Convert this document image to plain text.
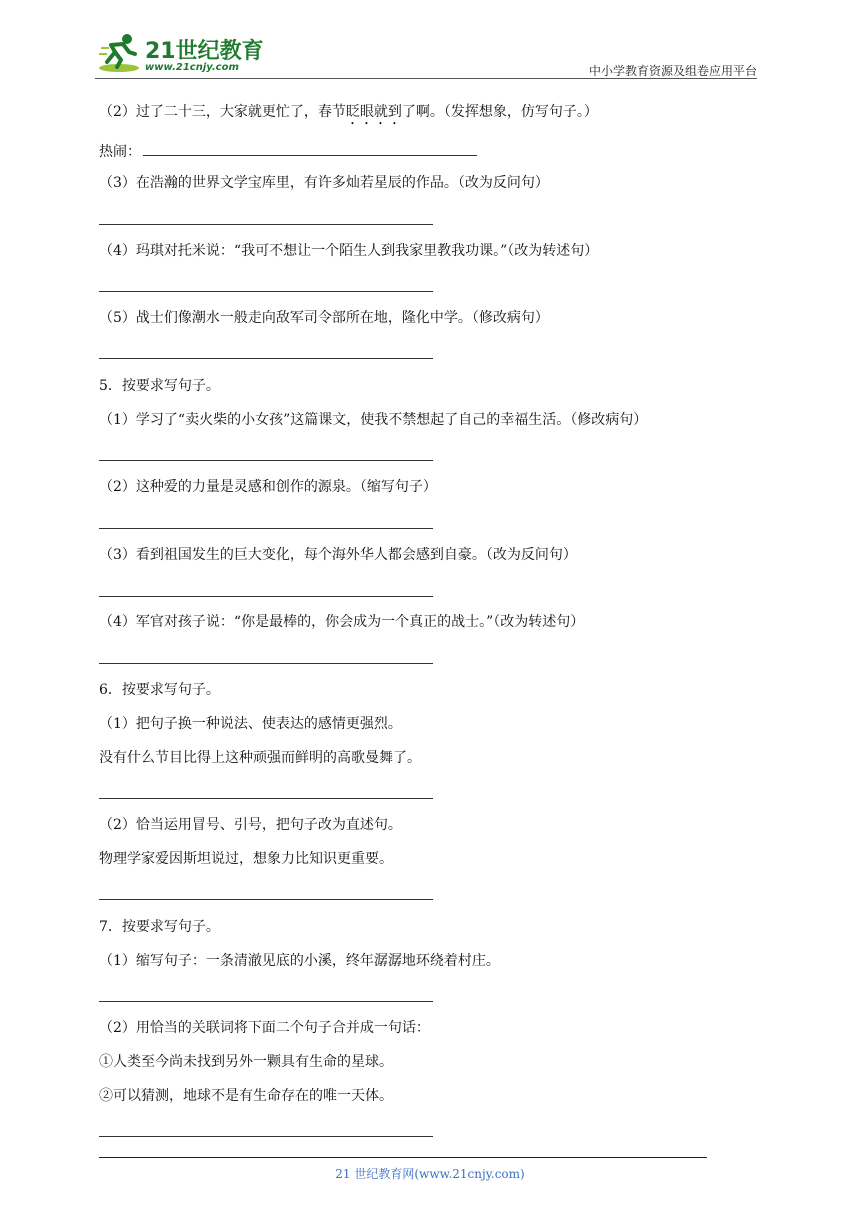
21世纪教育
www.21cnjy.com	中小学教育资源及组卷应用平台
（2）过了二十三，大家就更忙了，春节眨眼就到了啊。（发挥想象，仿写句子。）
热闹：
（3）在浩瀚的世界文学宝库里，有许多灿若星辰的作品。（改为反问句）
（4）玛琪对托米说：“我可不想让一个陌生人到我家里教我功课。”（改为转述句）
（5）战士们像潮水一般走向敌军司令部所在地，隆化中学。（修改病句）
5．按要求写句子。
（1）学习了“卖火柴的小女孩”这篇课文，使我不禁想起了自己的幸福生活。（修改病句）
（2）这种爱的力量是灵感和创作的源泉。（缩写句子）
（3）看到祖国发生的巨大变化，每个海外华人都会感到自豪。（改为反问句）
（4）军官对孩子说：“你是最棒的，你会成为一个真正的战士。”（改为转述句）
6．按要求写句子。
（1）把句子换一种说法、使表达的感情更强烈。
没有什么节目比得上这种顽强而鲜明的高歌曼舞了。
（2）恰当运用冒号、引号，把句子改为直述句。
物理学家爱因斯坦说过，想象力比知识更重要。
7．按要求写句子。
（1）缩写句子：一条清澈见底的小溪，终年潺潺地环绕着村庄。
（2）用恰当的关联词将下面二个句子合并成一句话：
①人类至今尚未找到另外一颗具有生命的星球。
②可以猜测，地球不是有生命存在的唯一天体。
21 世纪教育网(www.21cnjy.com)
